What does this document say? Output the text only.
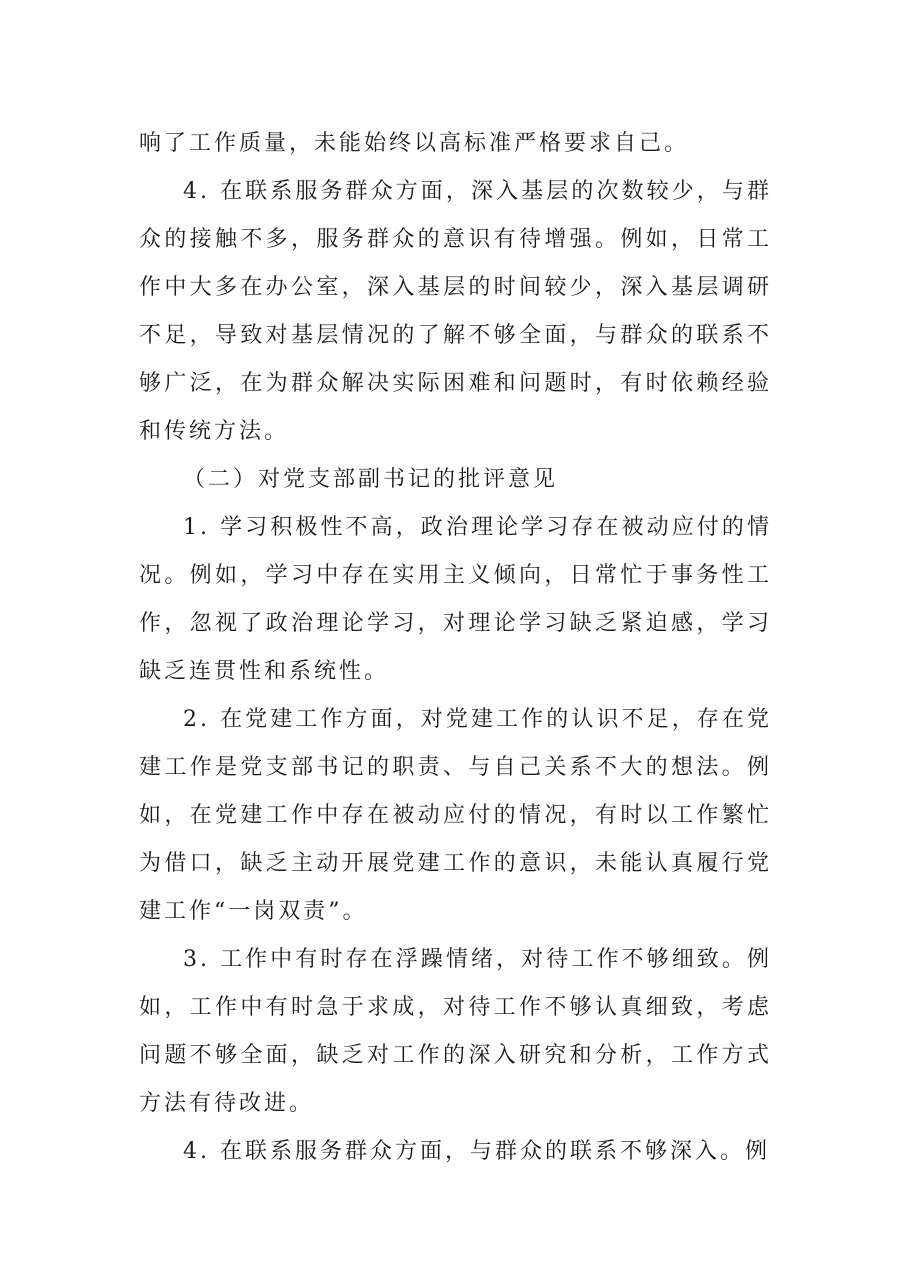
响了工作质量，未能始终以高标准严格要求自己。

4. 在联系服务群众方面，深入基层的次数较少，与群众的接触不多，服务群众的意识有待增强。例如，日常工作中大多在办公室，深入基层的时间较少，深入基层调研不足，导致对基层情况的了解不够全面，与群众的联系不够广泛，在为群众解决实际困难和问题时，有时依赖经验和传统方法。

（二）对党支部副书记的批评意见

1. 学习积极性不高，政治理论学习存在被动应付的情况。例如，学习中存在实用主义倾向，日常忙于事务性工作，忽视了政治理论学习，对理论学习缺乏紧迫感，学习缺乏连贯性和系统性。

2. 在党建工作方面，对党建工作的认识不足，存在党建工作是党支部书记的职责、与自己关系不大的想法。例如，在党建工作中存在被动应付的情况，有时以工作繁忙为借口，缺乏主动开展党建工作的意识，未能认真履行党建工作“一岗双责”。

3. 工作中有时存在浮躁情绪，对待工作不够细致。例如，工作中有时急于求成，对待工作不够认真细致，考虑问题不够全面，缺乏对工作的深入研究和分析，工作方式方法有待改进。

4. 在联系服务群众方面，与群众的联系不够深入。例
